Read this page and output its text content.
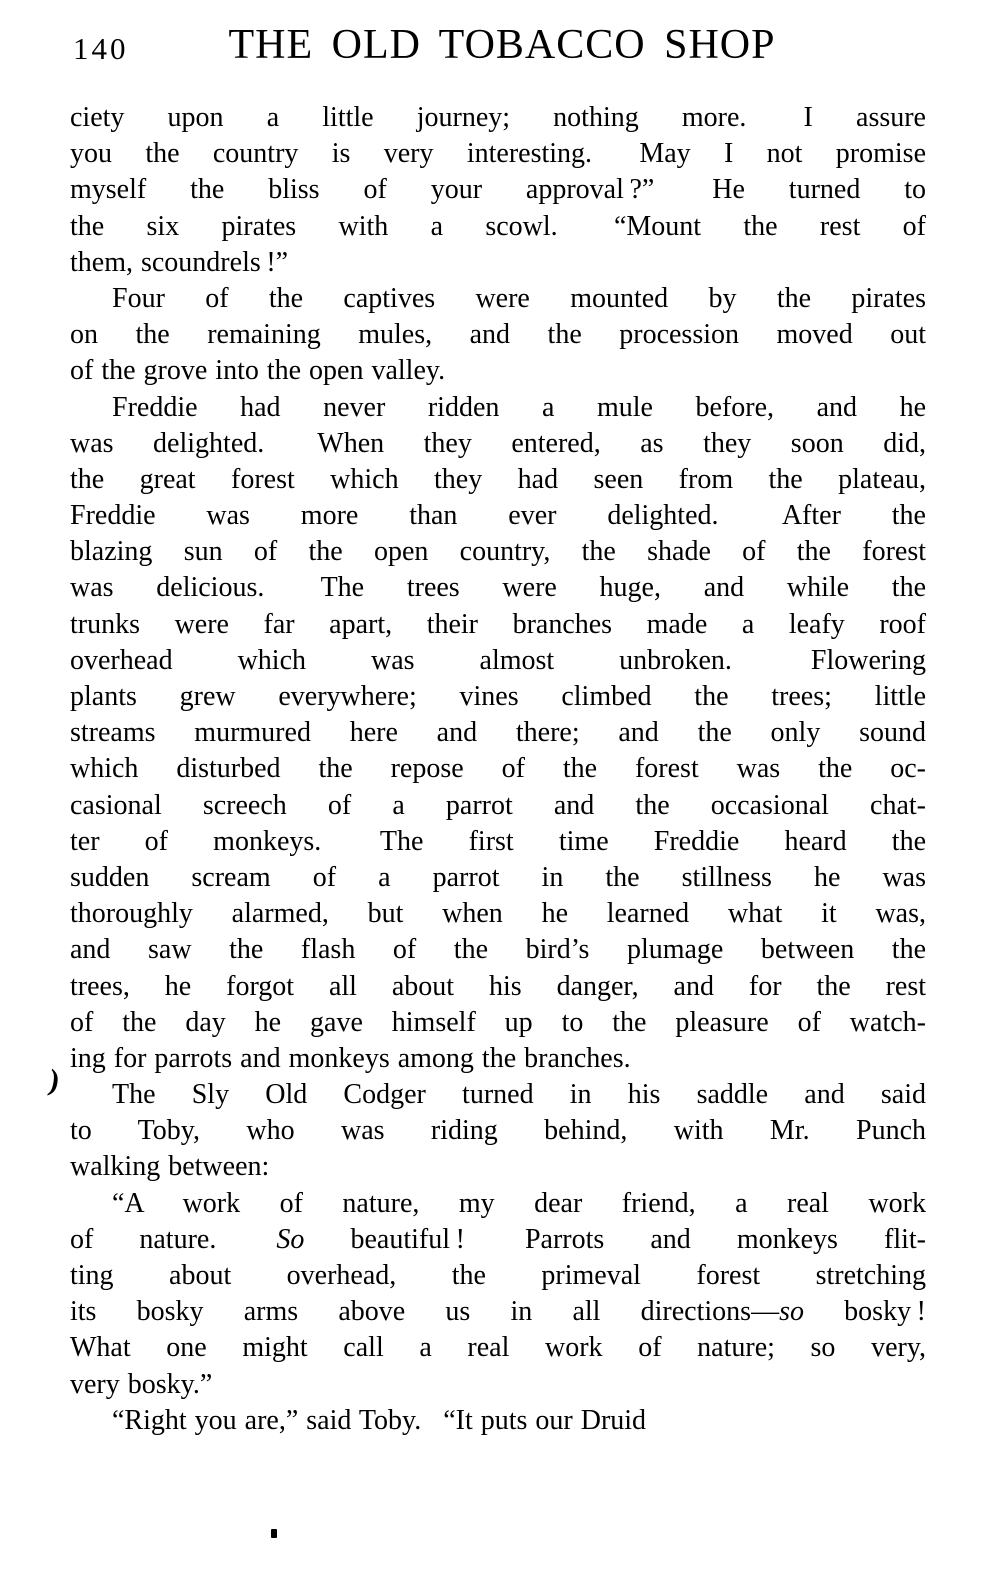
140	THE OLD TOBACCO SHOP
ciety upon a little journey; nothing more.  I assure
you the country is very interesting.  May I not promise
myself the bliss of your approval ?”  He turned to
the six pirates with a scowl.  “Mount the rest of
them, scoundrels !”
Four of the captives were mounted by the pirates
on the remaining mules, and the procession moved out
of the grove into the open valley.
Freddie had never ridden a mule before, and he
was delighted.  When they entered, as they soon did,
the great forest which they had seen from the plateau,
Freddie was more than ever delighted.  After the
blazing sun of the open country, the shade of the forest
was delicious.  The trees were huge, and while the
trunks were far apart, their branches made a leafy roof
overhead which was almost unbroken.  Flowering
plants grew everywhere; vines climbed the trees; little
streams murmured here and there; and the only sound
which disturbed the repose of the forest was the oc-
casional screech of a parrot and the occasional chat-
ter of monkeys.  The first time Freddie heard the
sudden scream of a parrot in the stillness he was
thoroughly alarmed, but when he learned what it was,
and saw the flash of the bird’s plumage between the
trees, he forgot all about his danger, and for the rest
of the day he gave himself up to the pleasure of watch-
ing for parrots and monkeys among the branches.
The Sly Old Codger turned in his saddle and said
to Toby, who was riding behind, with Mr. Punch
walking between:
“A work of nature, my dear friend, a real work
of nature.  So beautiful !  Parrots and monkeys flit-
ting about overhead, the primeval forest stretching
its bosky arms above us in all directions—so bosky !
What one might call a real work of nature; so very,
very bosky.”
“Right you are,” said Toby.  “It puts our Druid
)
